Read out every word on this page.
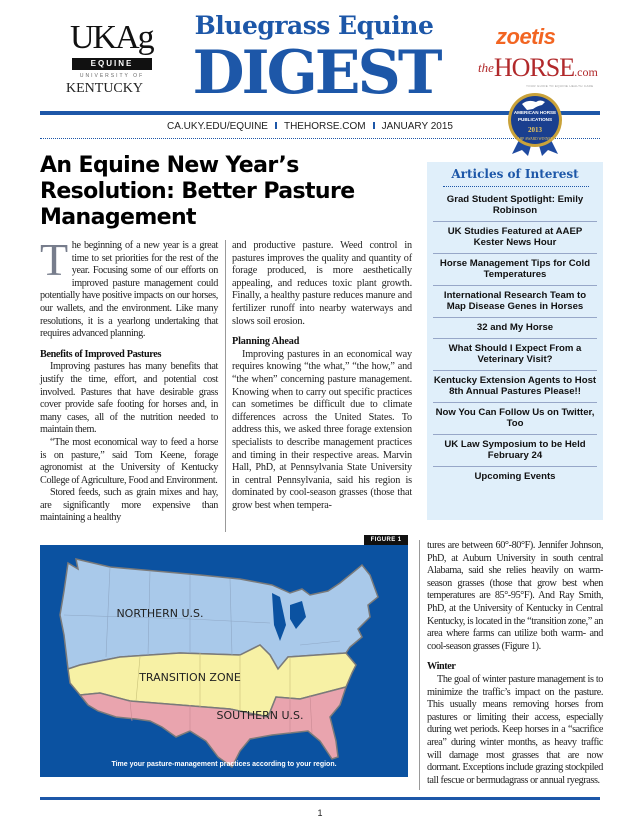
UKAg
EQUINE
UNIVERSITY OF
KENTUCKY
Bluegrass Equine
DIGEST
zoetis
$^{the}$HORSE.com
YOUR GUIDE TO EQUINE HEALTH CARE
CA.UKY.EDU/EQUINE THEHORSE.COM JANUARY 2015
AMERICAN HORSE
PUBLICATIONS
2013
AHP AWARD WINNER
An Equine New Year’s Resolution: Better Pasture Management

The beginning of a new year is a great time to set priorities for the rest of the year. Focusing some of our efforts on improved pasture management could potentially have positive impacts on our horses, our wallets, and the environment. Like many resolutions, it is a yearlong undertaking that requires advanced planning.

Benefits of Improved Pastures

Improving pastures has many benefits that justify the time, effort, and potential cost involved. Pastures that have desirable grass cover provide safe footing for horses and, in many cases, all of the nutrition needed to maintain them.

“The most economical way to feed a horse is on pasture,” said Tom Keene, forage agronomist at the University of Kentucky College of Agriculture, Food and Environment.

Stored feeds, such as grain mixes and hay, are significantly more expensive than maintaining a healthy

and productive pasture. Weed control in pastures improves the quality and quantity of forage produced, is more aesthetically appealing, and reduces toxic plant growth. Finally, a healthy pasture reduces manure and fertilizer runoff into nearby waterways and slows soil erosion.

Planning Ahead

Improving pastures in an economical way requires knowing “the what,” “the how,” and “the when” concerning pasture management. Knowing when to carry out specific practices can sometimes be difficult due to climate differences across the United States. To address this, we asked three forage extension specialists to describe management practices and timing in their respective areas. Marvin Hall, PhD, at Pennsylvania State University in central Pennsylvania, said his region is dominated by cool-season grasses (those that grow best when tempera-

Articles of Interest
Grad Student Spotlight: Emily Robinson
UK Studies Featured at AAEP Kester News Hour
Horse Management Tips for Cold Temperatures
International Research Team to Map Disease Genes in Horses
32 and My Horse
What Should I Expect From a Veterinary Visit?
Kentucky Extension Agents to Host 8th Annual Pastures Please!!
Now You Can Follow Us on Twitter, Too
UK Law Symposium to be Held February 24
Upcoming Events
FIGURE 1
NORTHERN U.S.
TRANSITION ZONE
SOUTHERN U.S.
Time your pasture-management practices according to your region.

tures are between 60°-80°F). Jennifer Johnson, PhD, at Auburn University in south central Alabama, said she relies heavily on warm-season grasses (those that grow best when temperatures are 85°-95°F). And Ray Smith, PhD, at the University of Kentucky in Central Kentucky, is located in the “transition zone,” an area where farms can utilize both warm- and cool-season grasses (Figure 1).

Winter

The goal of winter pasture management is to minimize the traffic’s impact on the pasture. This usually means removing horses from pastures or limiting their access, especially during wet periods. Keep horses in a “sacrifice area” during winter months, as heavy traffic will damage most grasses that are now dormant. Exceptions include grazing stockpiled tall fescue or bermudagrass or annual ryegrass.

1
